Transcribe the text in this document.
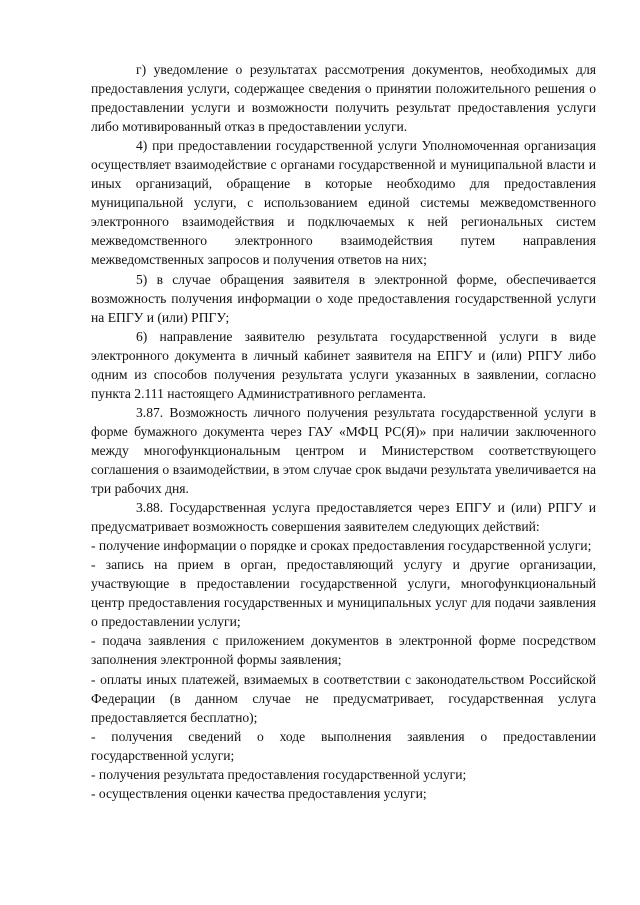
г) уведомление о результатах рассмотрения документов, необходимых для предоставления услуги, содержащее сведения о принятии положительного решения о предоставлении услуги и возможности получить результат предоставления услуги либо мотивированный отказ в предоставлении услуги.

4) при предоставлении государственной услуги Уполномоченная организация осуществляет взаимодействие с органами государственной и муниципальной власти и иных организаций, обращение в которые необходимо для предоставления муниципальной услуги, с использованием единой системы межведомственного электронного взаимодействия и подключаемых к ней региональных систем межведомственного электронного взаимодействия путем направления межведомственных запросов и получения ответов на них;

5) в случае обращения заявителя в электронной форме, обеспечивается возможность получения информации о ходе предоставления государственной услуги на ЕПГУ и (или) РПГУ;

6) направление заявителю результата государственной услуги в виде электронного документа в личный кабинет заявителя на ЕПГУ и (или) РПГУ либо одним из способов получения результата услуги указанных в заявлении, согласно пункта 2.111 настоящего Административного регламента.

3.87. Возможность личного получения результата государственной услуги в форме бумажного документа через ГАУ «МФЦ РС(Я)» при наличии заключенного между многофункциональным центром и Министерством соответствующего соглашения о взаимодействии, в этом случае срок выдачи результата увеличивается на три рабочих дня.

3.88. Государственная услуга предоставляется через ЕПГУ и (или) РПГУ и предусматривает возможность совершения заявителем следующих действий:

- получение информации о порядке и сроках предоставления государственной услуги;

- запись на прием в орган, предоставляющий услугу и другие организации, участвующие в предоставлении государственной услуги, многофункциональный центр предоставления государственных и муниципальных услуг для подачи заявления о предоставлении услуги;

- подача заявления с приложением документов в электронной форме посредством заполнения электронной формы заявления;

- оплаты иных платежей, взимаемых в соответствии с законодательством Российской Федерации (в данном случае не предусматривает, государственная услуга предоставляется бесплатно);

- получения сведений о ходе выполнения заявления о предоставлении государственной услуги;

- получения результата предоставления государственной услуги;

- осуществления оценки качества предоставления услуги;
